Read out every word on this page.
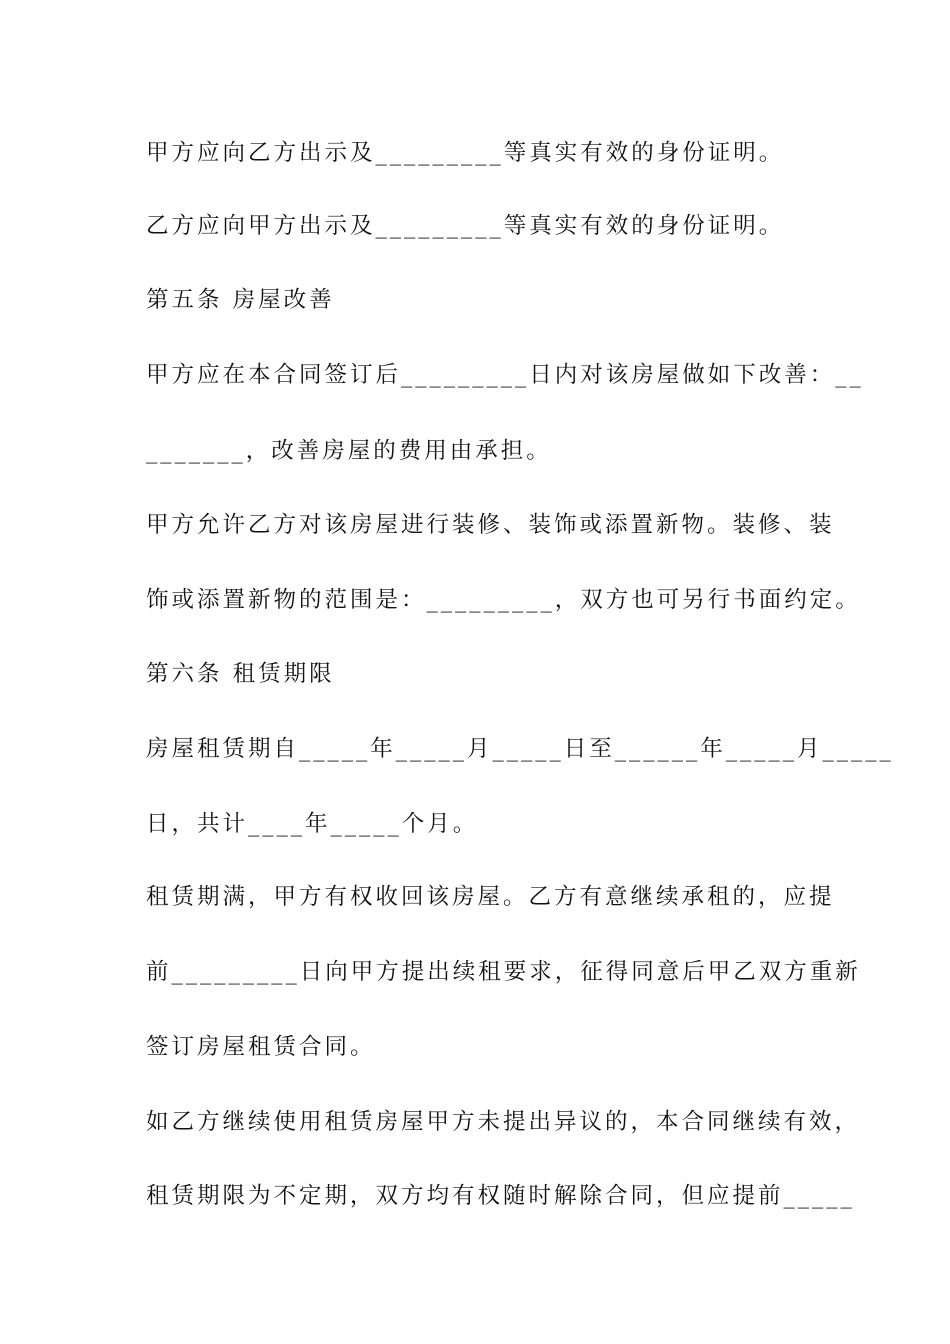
甲方应向乙方出示及_________等真实有效的身份证明。
乙方应向甲方出示及_________等真实有效的身份证明。
第五条 房屋改善
甲方应在本合同签订后_________日内对该房屋做如下改善：__
_______，改善房屋的费用由承担。
甲方允许乙方对该房屋进行装修、装饰或添置新物。装修、装
饰或添置新物的范围是：_________，双方也可另行书面约定。
第六条 租赁期限
房屋租赁期自_____年_____月_____日至______年_____月_____
日，共计____年_____个月。
租赁期满，甲方有权收回该房屋。乙方有意继续承租的，应提
前_________日向甲方提出续租要求，征得同意后甲乙双方重新
签订房屋租赁合同。
如乙方继续使用租赁房屋甲方未提出异议的，本合同继续有效，
租赁期限为不定期，双方均有权随时解除合同，但应提前_____
